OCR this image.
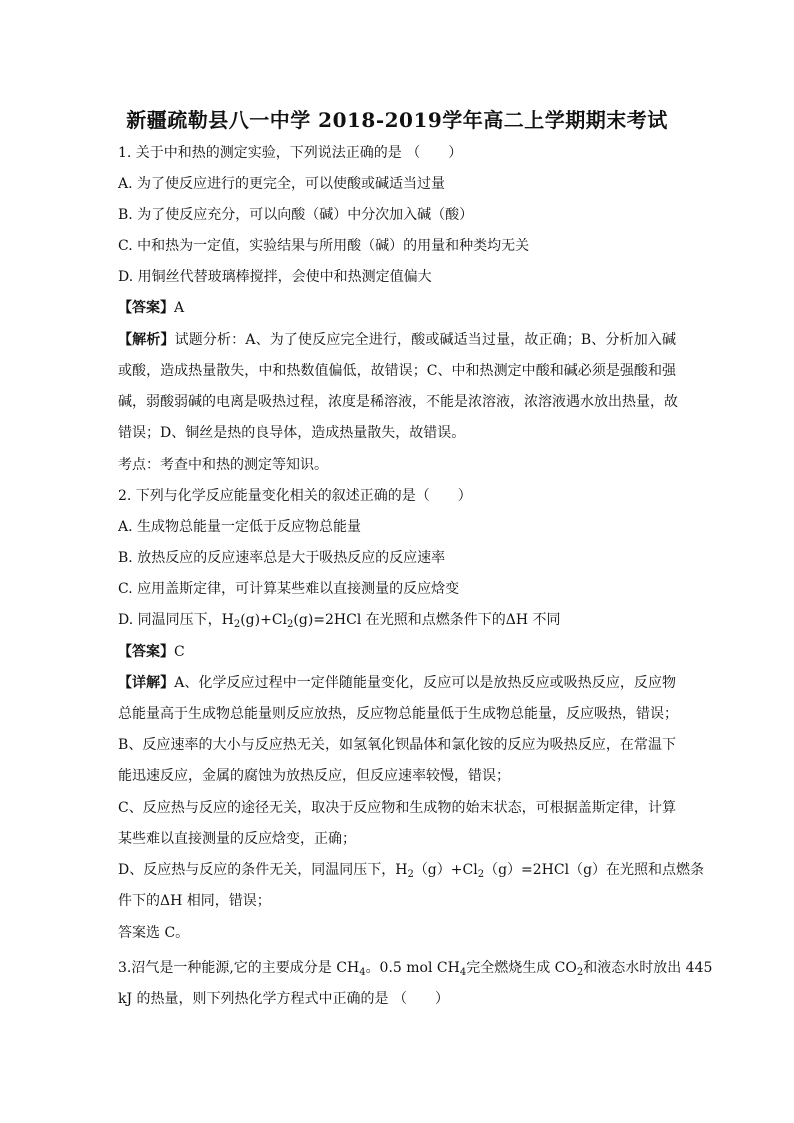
新疆疏勒县八一中学 2018-2019学年高二上学期期末考试
1. 关于中和热的测定实验，下列说法正确的是 （　　）
A. 为了使反应进行的更完全，可以使酸或碱适当过量
B. 为了使反应充分，可以向酸（碱）中分次加入碱（酸）
C. 中和热为一定值，实验结果与所用酸（碱）的用量和种类均无关
D. 用铜丝代替玻璃棒搅拌，会使中和热测定值偏大
【答案】A
【解析】试题分析：A、为了使反应完全进行，酸或碱适当过量，故正确；B、分析加入碱
或酸，造成热量散失，中和热数值偏低，故错误；C、中和热测定中酸和碱必须是强酸和强
碱，弱酸弱碱的电离是吸热过程，浓度是稀溶液，不能是浓溶液，浓溶液遇水放出热量，故
错误；D、铜丝是热的良导体，造成热量散失，故错误。
考点：考查中和热的测定等知识。
2. 下列与化学反应能量变化相关的叙述正确的是（　　）
A. 生成物总能量一定低于反应物总能量
B. 放热反应的反应速率总是大于吸热反应的反应速率
C. 应用盖斯定律，可计算某些难以直接测量的反应焓变
D. 同温同压下，$H_2(g)+Cl_2(g)=2HCl$ 在光照和点燃条件下的ΔH 不同
【答案】C
【详解】A、化学反应过程中一定伴随能量变化，反应可以是放热反应或吸热反应，反应物
总能量高于生成物总能量则反应放热，反应物总能量低于生成物总能量，反应吸热，错误；
B、反应速率的大小与反应热无关，如氢氧化钡晶体和氯化铵的反应为吸热反应，在常温下
能迅速反应，金属的腐蚀为放热反应，但反应速率较慢，错误；
C、反应热与反应的途径无关，取决于反应物和生成物的始末状态，可根据盖斯定律，计算
某些难以直接测量的反应焓变，正确；
D、反应热与反应的条件无关，同温同压下，$H_2(g)+Cl_2(g)=2HCl(g)$在光照和点燃条
件下的ΔH 相同，错误；
答案选 C。
3.沼气是一种能源,它的主要成分是 $CH_4$。0.5 mol $CH_4$完全燃烧生成 $CO_2$和液态水时放出 445
kJ 的热量，则下列热化学方程式中正确的是 （　　）
